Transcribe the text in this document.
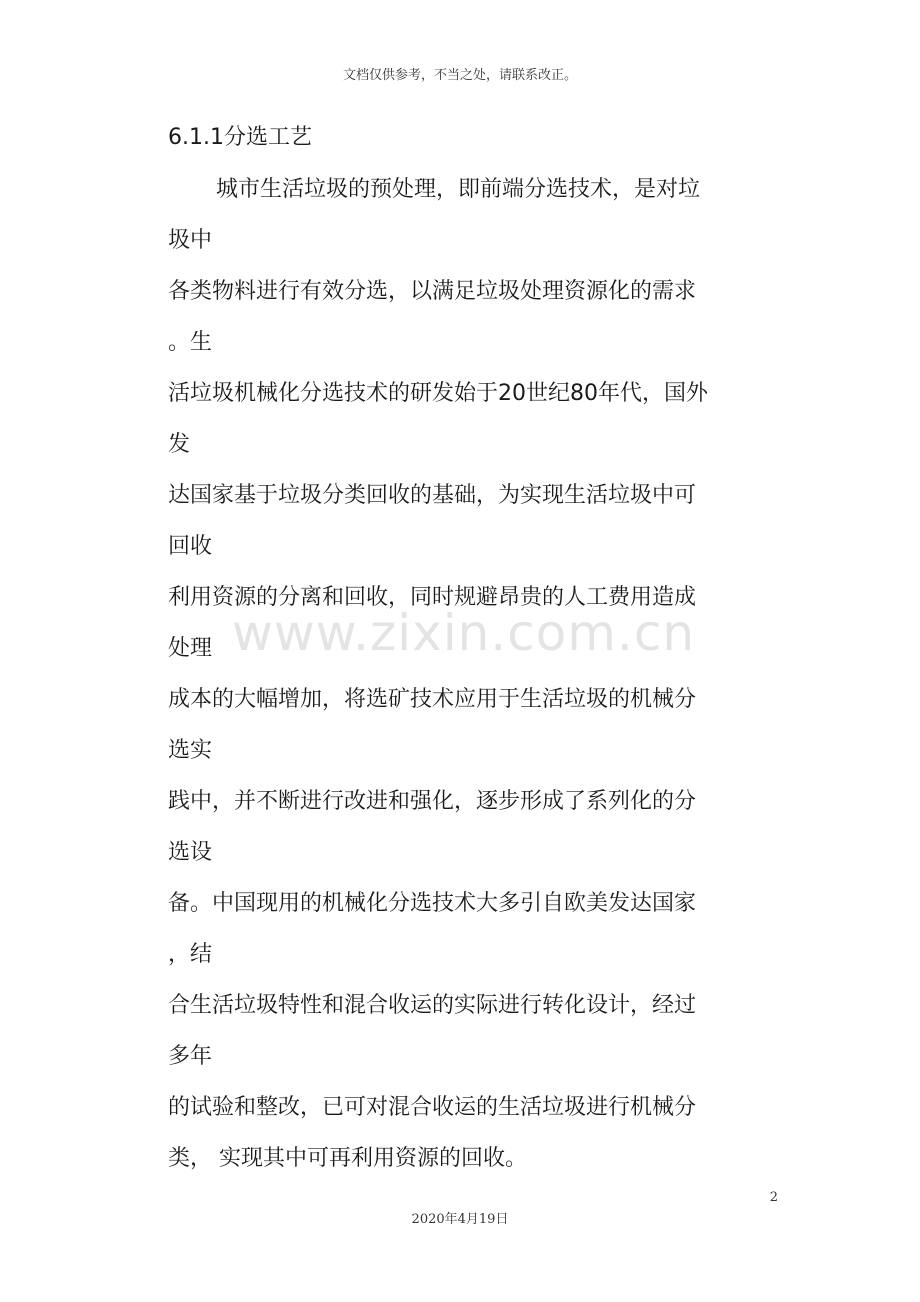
文档仅供参考，不当之处，请联系改正。
6.1.1分选工艺
城市生活垃圾的预处理，即前端分选技术，是对垃
圾中
各类物料进行有效分选，以满足垃圾处理资源化的需求
。生
活垃圾机械化分选技术的研发始于20世纪80年代，国外
发
达国家基于垃圾分类回收的基础，为实现生活垃圾中可
回收
利用资源的分离和回收，同时规避昂贵的人工费用造成
处理
成本的大幅增加，将选矿技术应用于生活垃圾的机械分
选实
践中，并不断进行改进和强化，逐步形成了系列化的分
选设
备。中国现用的机械化分选技术大多引自欧美发达国家
，结
合生活垃圾特性和混合收运的实际进行转化设计，经过
多年
的试验和整改，已可对混合收运的生活垃圾进行机械分
类， 实现其中可再利用资源的回收。
www.zixin.com.cn
2
2020年4月19日
